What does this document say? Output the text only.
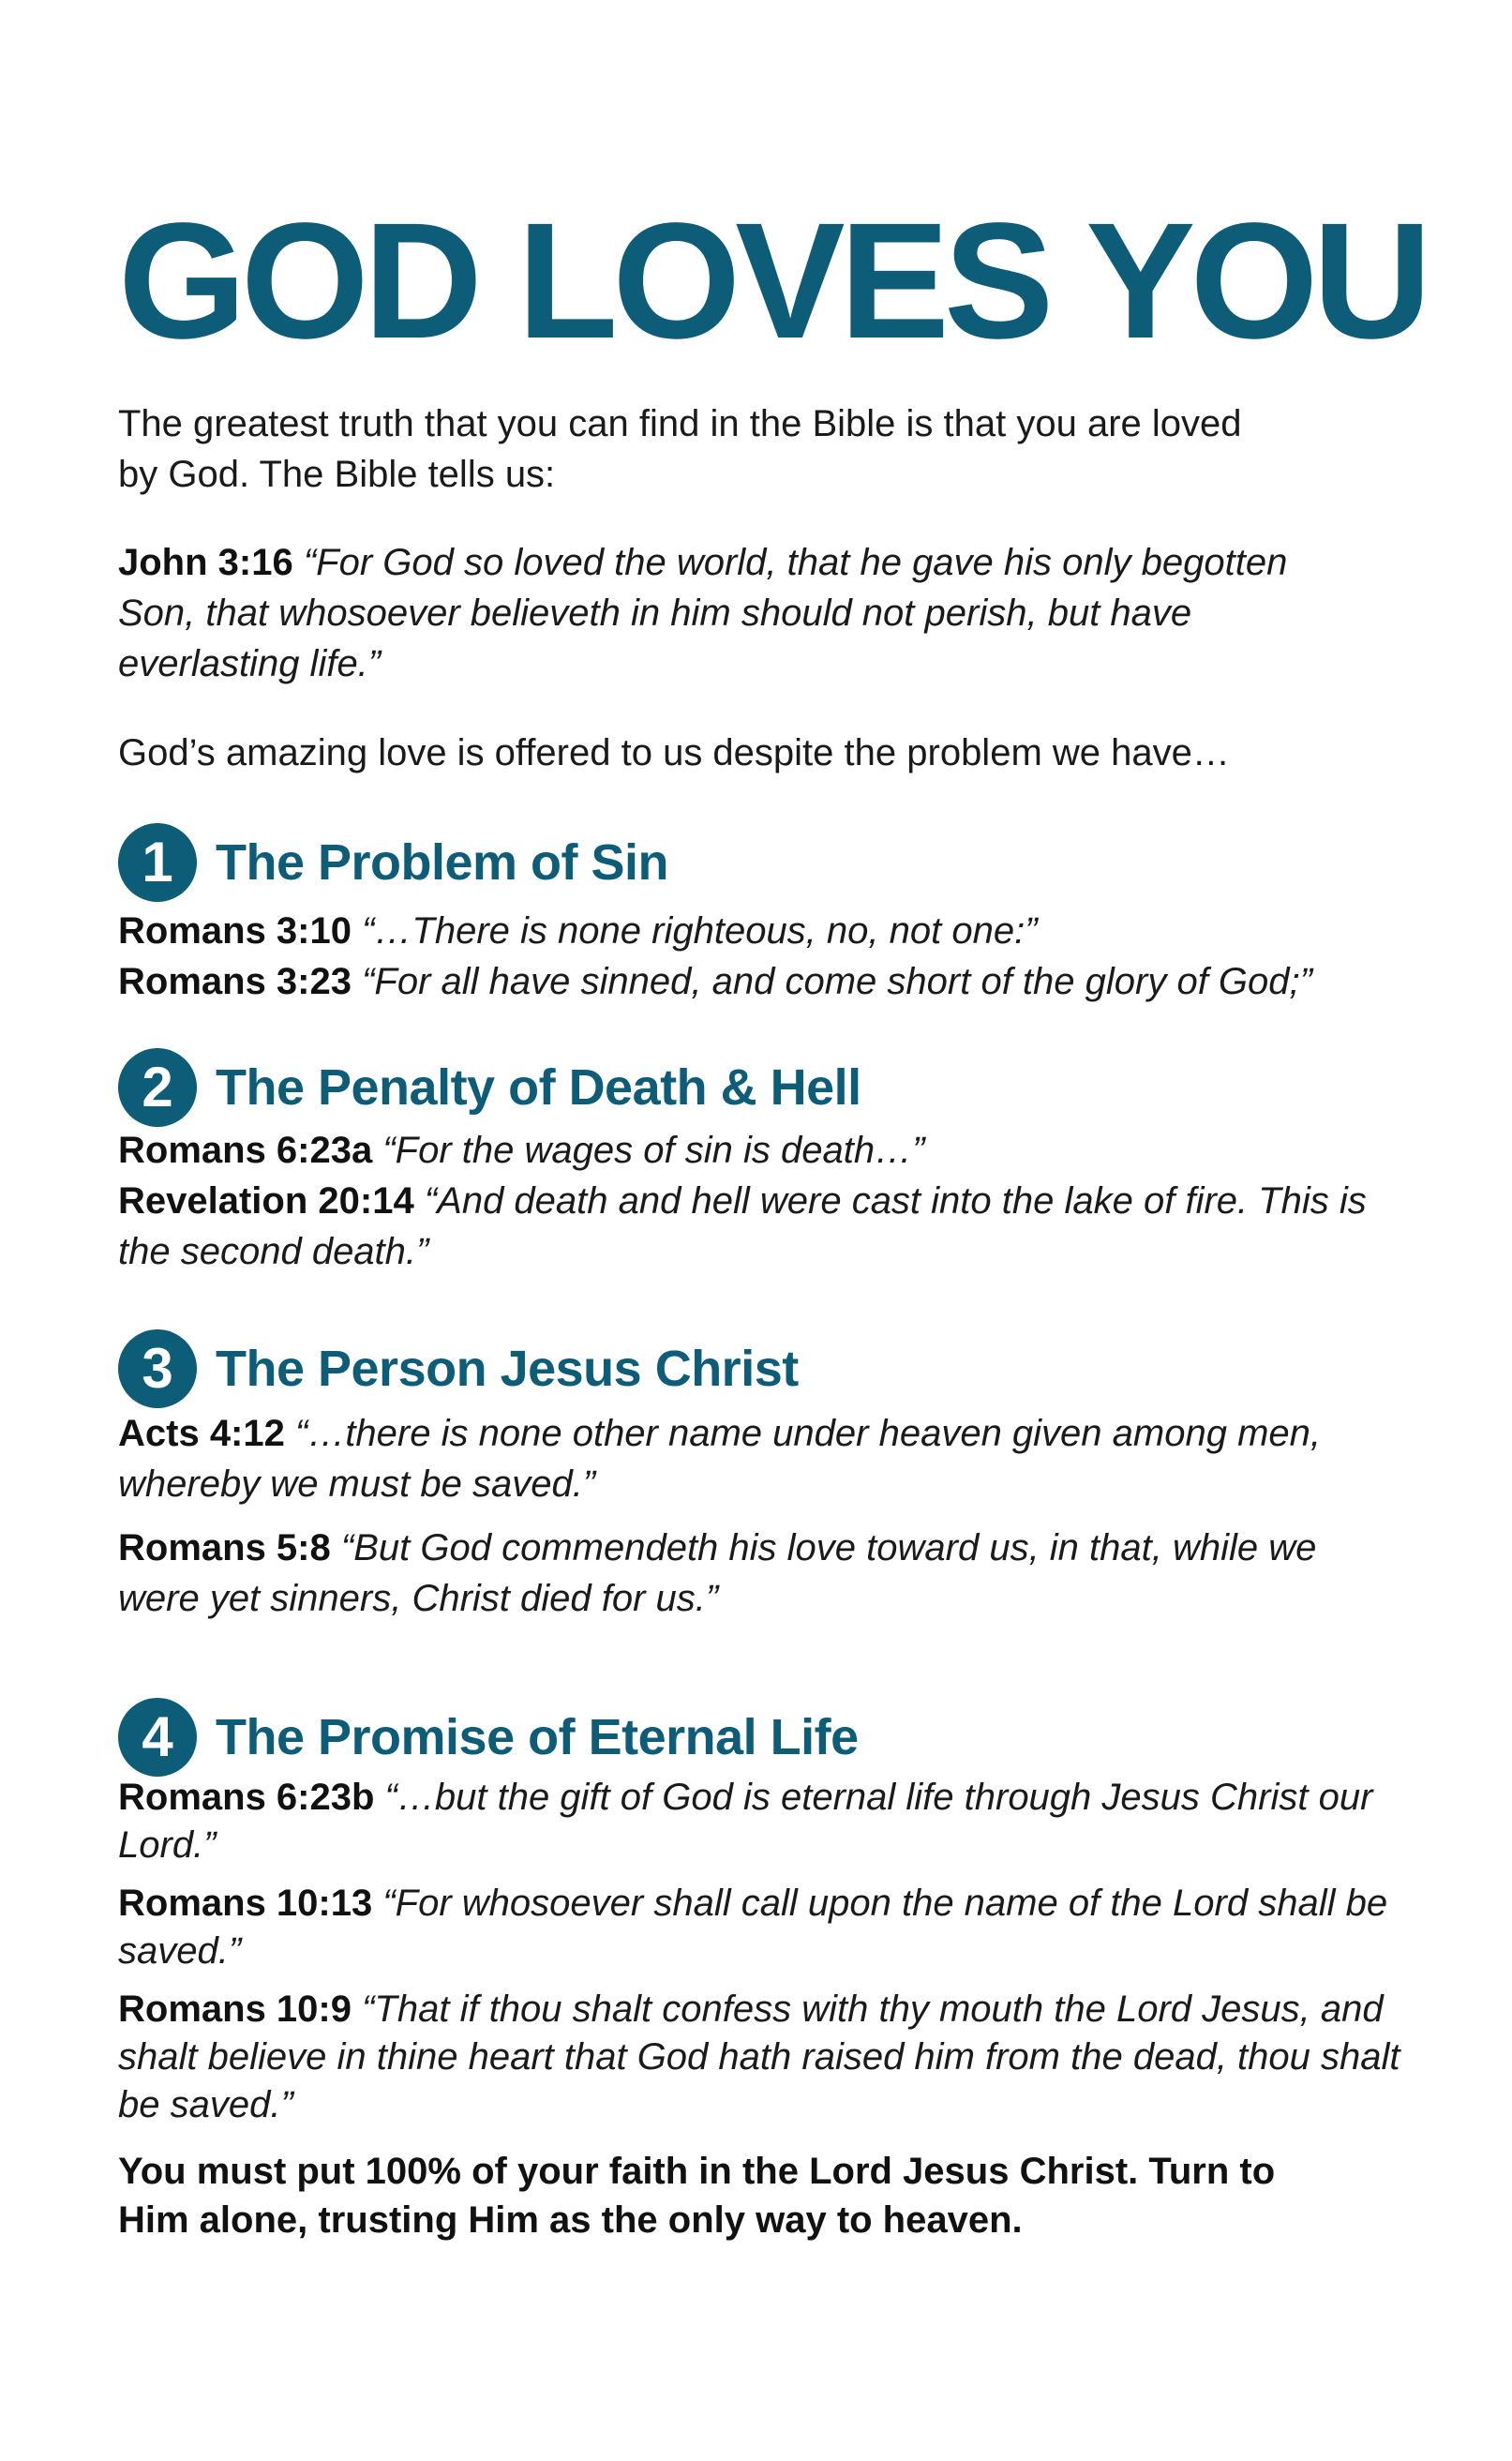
GOD LOVES YOU

The greatest truth that you can find in the Bible is that you are loved
by God. The Bible tells us:

John 3:16 “For God so loved the world, that he gave his only begotten Son, that whosoever believeth in him should not perish, but have everlasting life.”

God’s amazing love is offered to us despite the problem we have…

1 The Problem of Sin

Romans 3:10 “…There is none righteous, no, not one:”

Romans 3:23 “For all have sinned, and come short of the glory of God;”

2 The Penalty of Death & Hell

Romans 6:23a “For the wages of sin is death…”

Revelation 20:14 “And death and hell were cast into the lake of fire. This is the second death.”

3 The Person Jesus Christ

Acts 4:12 “…there is none other name under heaven given among men, whereby we must be saved.”

Romans 5:8 “But God commendeth his love toward us, in that, while we were yet sinners, Christ died for us.”

4 The Promise of Eternal Life

Romans 6:23b “…but the gift of God is eternal life through Jesus Christ our Lord.”

Romans 10:13 “For whosoever shall call upon the name of the Lord shall be saved.”

Romans 10:9 “That if thou shalt confess with thy mouth the Lord Jesus, and shalt believe in thine heart that God hath raised him from the dead, thou shalt be saved.”

You must put 100% of your faith in the Lord Jesus Christ. Turn to Him alone, trusting Him as the only way to heaven.
